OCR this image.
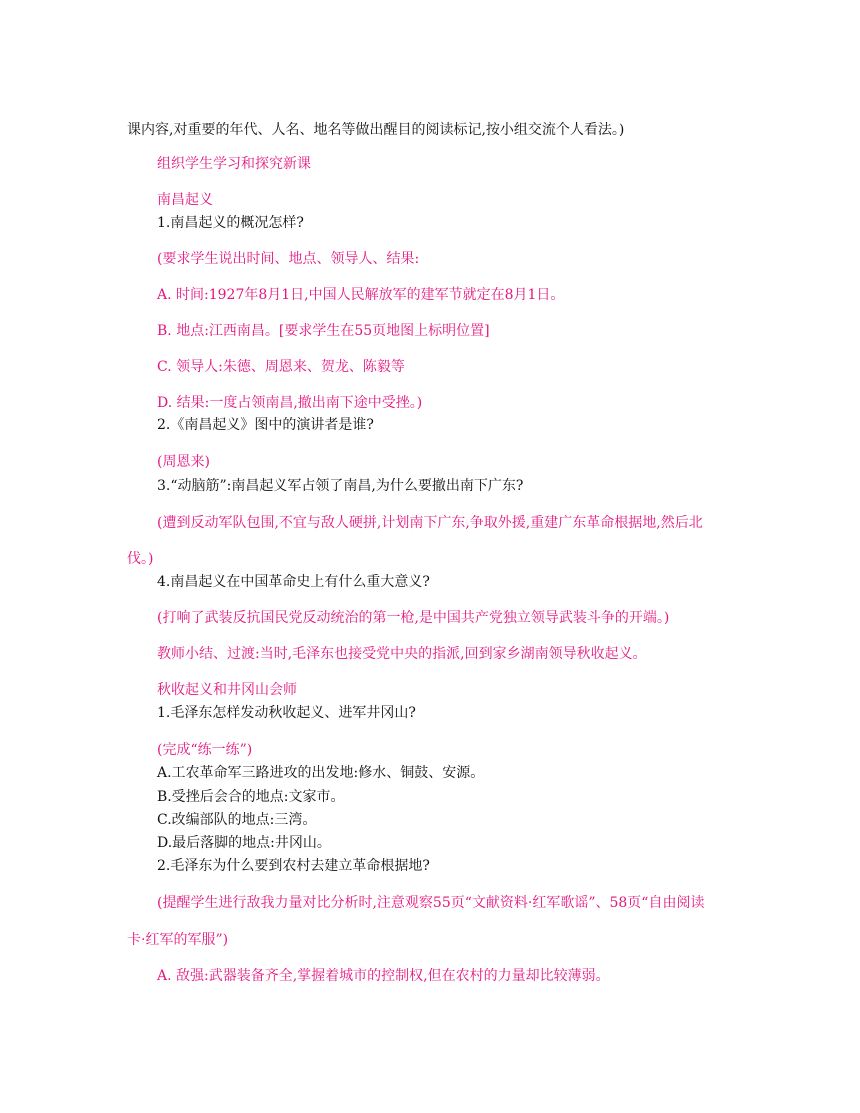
课内容,对重要的年代、人名、地名等做出醒目的阅读标记,按小组交流个人看法。)
组织学生学习和探究新课
南昌起义
1.南昌起义的概况怎样?
(要求学生说出时间、地点、领导人、结果:
A. 时间:1927年8月1日,中国人民解放军的建军节就定在8月1日。
B. 地点:江西南昌。[要求学生在55页地图上标明位置]
C. 领导人:朱德、周恩来、贺龙、陈毅等
D. 结果:一度占领南昌,撤出南下途中受挫。)
2.《南昌起义》图中的演讲者是谁?
(周恩来)
3.“动脑筋”:南昌起义军占领了南昌,为什么要撤出南下广东?
(遭到反动军队包围,不宜与敌人硬拼,计划南下广东,争取外援,重建广东革命根据地,然后北
伐。)
4.南昌起义在中国革命史上有什么重大意义?
(打响了武装反抗国民党反动统治的第一枪,是中国共产党独立领导武装斗争的开端。)
教师小结、过渡:当时,毛泽东也接受党中央的指派,回到家乡湖南领导秋收起义。
秋收起义和井冈山会师
1.毛泽东怎样发动秋收起义、进军井冈山?
(完成“练一练”)
A.工农革命军三路进攻的出发地:修水、铜鼓、安源。
B.受挫后会合的地点:文家市。
C.改编部队的地点:三湾。
D.最后落脚的地点:井冈山。
2.毛泽东为什么要到农村去建立革命根据地?
(提醒学生进行敌我力量对比分析时,注意观察55页“文献资料·红军歌谣”、58页“自由阅读
卡·红军的军服”)
A. 敌强:武器装备齐全,掌握着城市的控制权,但在农村的力量却比较薄弱。
